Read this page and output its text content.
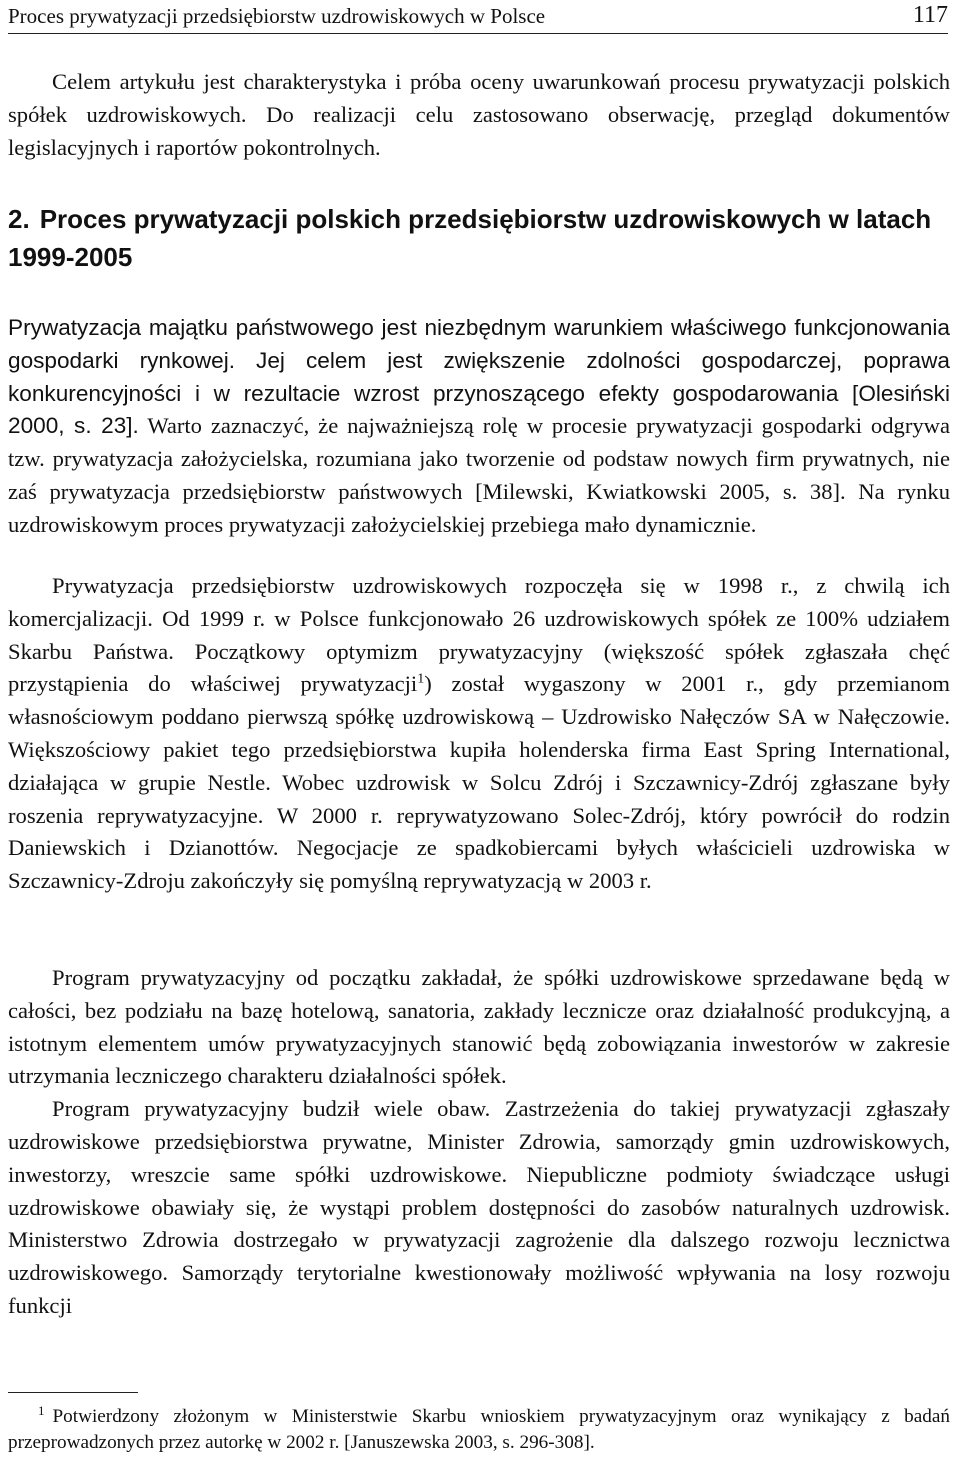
Proces prywatyzacji przedsiębiorstw uzdrowiskowych w Polsce	117

Celem artykułu jest charakterystyka i próba oceny uwarunkowań procesu prywatyzacji polskich spółek uzdrowiskowych. Do realizacji celu zastosowano obserwację, przegląd dokumentów legislacyjnych i raportów pokontrolnych.

2. Proces prywatyzacji polskich przedsiębiorstw uzdrowiskowych w latach 1999-2005

Prywatyzacja majątku państwowego jest niezbędnym warunkiem właściwego funkcjonowania gospodarki rynkowej. Jej celem jest zwiększenie zdolności gospodarczej, poprawa konkurencyjności i w rezultacie wzrost przynoszącego efekty gospodarowania [Olesiński 2000, s. 23]. Warto zaznaczyć, że najważniejszą rolę w procesie prywatyzacji gospodarki odgrywa tzw. prywatyzacja założycielska, rozumiana jako tworzenie od podstaw nowych firm prywatnych, nie zaś prywatyzacja przedsiębiorstw państwowych [Milewski, Kwiatkowski 2005, s. 38]. Na rynku uzdrowiskowym proces prywatyzacji założycielskiej przebiega mało dynamicznie.

Prywatyzacja przedsiębiorstw uzdrowiskowych rozpoczęła się w 1998 r., z chwilą ich komercjalizacji. Od 1999 r. w Polsce funkcjonowało 26 uzdrowiskowych spółek ze 100% udziałem Skarbu Państwa. Początkowy optymizm prywatyzacyjny (większość spółek zgłaszała chęć przystąpienia do właściwej prywatyzacji$^1$) został wygaszony w 2001 r., gdy przemianom własnościowym poddano pierwszą spółkę uzdrowiskową – Uzdrowisko Nałęczów SA w Nałęczowie. Większościowy pakiet tego przedsiębiorstwa kupiła holenderska firma East Spring International, działająca w grupie Nestle. Wobec uzdrowisk w Solcu Zdrój i Szczawnicy-Zdrój zgłaszane były roszenia reprywatyzacyjne. W 2000 r. reprywatyzowano Solec-Zdrój, który powrócił do rodzin Daniewskich i Dzianottów. Negocjacje ze spadkobiercami byłych właścicieli uzdrowiska w Szczawnicy-Zdroju zakończyły się pomyślną reprywatyzacją w 2003 r.

Program prywatyzacyjny od początku zakładał, że spółki uzdrowiskowe sprzedawane będą w całości, bez podziału na bazę hotelową, sanatoria, zakłady lecznicze oraz działalność produkcyjną, a istotnym elementem umów prywatyzacyjnych stanowić będą zobowiązania inwestorów w zakresie utrzymania leczniczego charakteru działalności spółek.

Program prywatyzacyjny budził wiele obaw. Zastrzeżenia do takiej prywatyzacji zgłaszały uzdrowiskowe przedsiębiorstwa prywatne, Minister Zdrowia, samorządy gmin uzdrowiskowych, inwestorzy, wreszcie same spółki uzdrowiskowe. Niepubliczne podmioty świadczące usługi uzdrowiskowe obawiały się, że wystąpi problem dostępności do zasobów naturalnych uzdrowisk. Ministerstwo Zdrowia dostrzegało w prywatyzacji zagrożenie dla dalszego rozwoju lecznictwa uzdrowiskowego. Samorządy terytorialne kwestionowały możliwość wpływania na losy rozwoju funkcji

$^1$ Potwierdzony złożonym w Ministerstwie Skarbu wnioskiem prywatyzacyjnym oraz wynikający z badań przeprowadzonych przez autorkę w 2002 r. [Januszewska 2003, s. 296-308].
